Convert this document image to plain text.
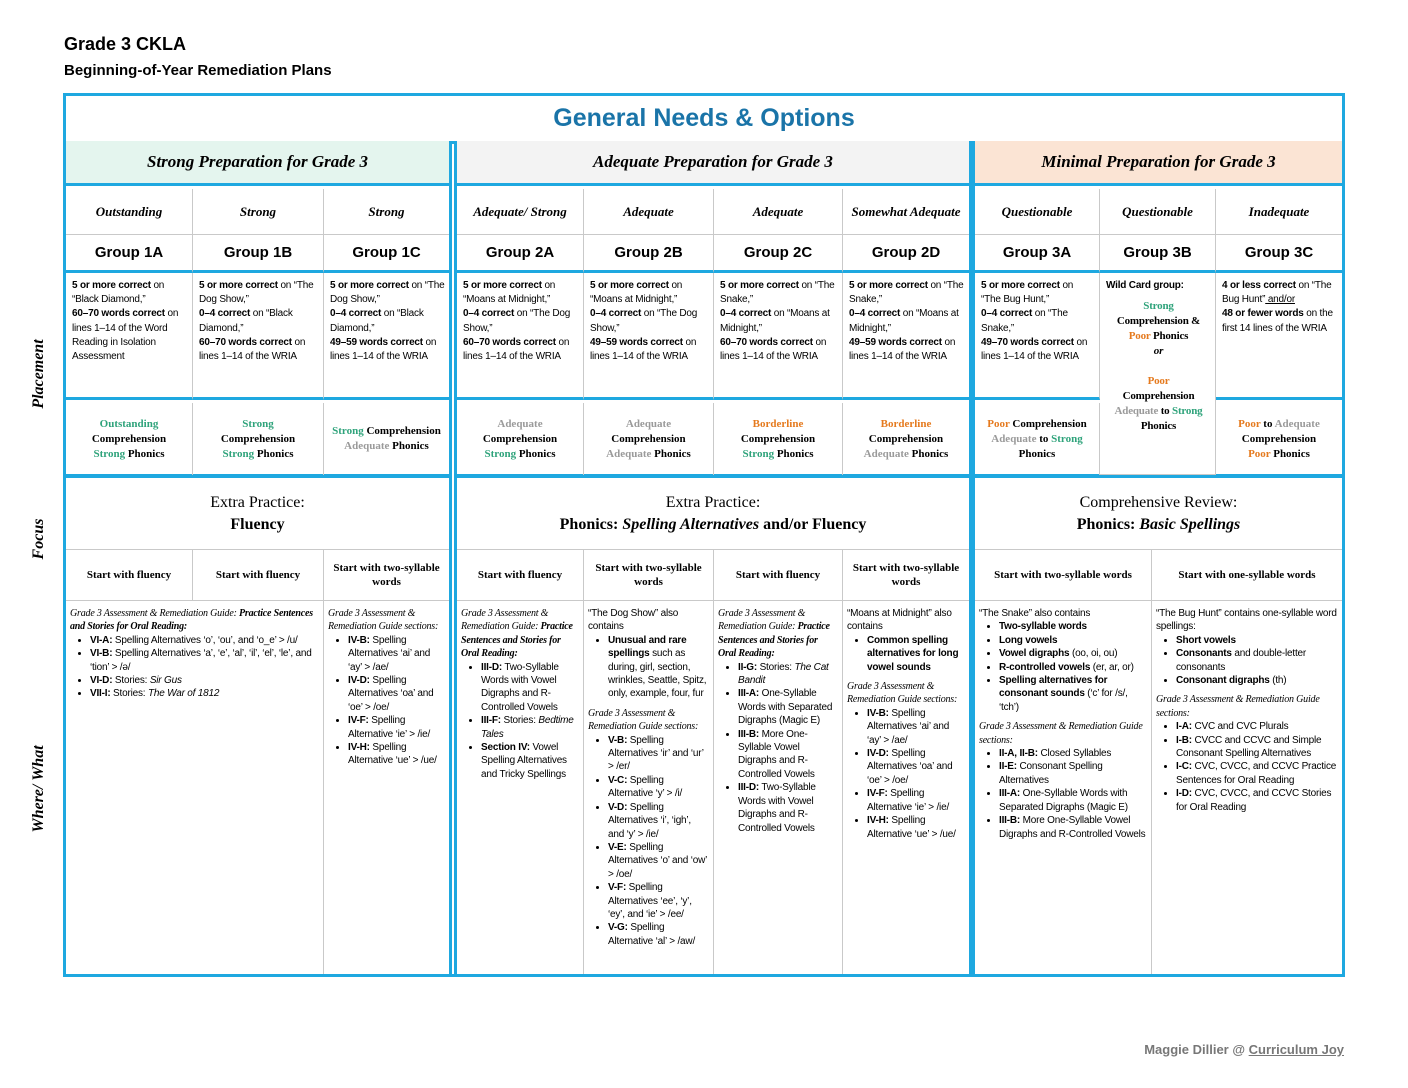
Grade 3 CKLA
Beginning-of-Year Remediation Plans
Placement
Focus
Where/ What
General Needs & Options
Strong Preparation for Grade 3
Extra Practice:
Fluency
Adequate Preparation for Grade 3
Extra Practice:
Phonics: Spelling Alternatives and/or Fluency
Minimal Preparation for Grade 3
Comprehensive Review:
Phonics: Basic Spellings
Outstanding
Group 1A
5 or more correct on “Black Diamond,”
60–70 words correct on lines 1–14 of the Word Reading in Isolation Assessment
Outstanding
Comprehension
Strong Phonics
Strong
Group 1B
5 or more correct on “The Dog Show,”
0–4 correct on “Black Diamond,”
60–70 words correct on lines 1–14 of the WRIA
Strong
Comprehension
Strong Phonics
Strong
Group 1C
5 or more correct on “The Dog Show,”
0–4 correct on “Black Diamond,”
49–59 words correct on lines 1–14 of the WRIA
Strong Comprehension
Adequate Phonics
Adequate/ Strong
Group 2A
5 or more correct on “Moans at Midnight,”
0–4 correct on “The Dog Show,”
60–70 words correct on lines 1–14 of the WRIA
Adequate
Comprehension
Strong Phonics
Adequate
Group 2B
5 or more correct on “Moans at Midnight,”
0–4 correct on “The Dog Show,”
49–59 words correct on lines 1–14 of the WRIA
Adequate
Comprehension
Adequate Phonics
Adequate
Group 2C
5 or more correct on “The Snake,”
0–4 correct on “Moans at Midnight,”
60–70 words correct on lines 1–14 of the WRIA
Borderline
Comprehension
Strong Phonics
Somewhat Adequate
Group 2D
5 or more correct on “The Snake,”
0–4 correct on “Moans at Midnight,”
49–59 words correct on lines 1–14 of the WRIA
Borderline
Comprehension
Adequate Phonics
Questionable
Group 3A
5 or more correct on “The Bug Hunt,”
0–4 correct on “The Snake,”
49–70 words correct on lines 1–14 of the WRIA
Poor Comprehension
Adequate to Strong
Phonics
Questionable
Group 3B
Wild Card group:
Strong
Comprehension &
Poor Phonics
or

Poor
Comprehension
Adequate to Strong
Phonics
Inadequate
Group 3C
4 or less correct on “The Bug Hunt” and/or
48 or fewer words on the first 14 lines of the WRIA
Poor to Adequate
Comprehension
Poor Phonics
Start with fluency	Start with fluency
Start with two-syllable words
Start with fluency
Start with two-syllable words
Start with fluency
Start with two-syllable words
Start with two-syllable words	Start with one-syllable words
Grade 3 Assessment & Remediation Guide: Practice Sentences and Stories for Oral Reading:
• VI-A: Spelling Alternatives ‘o’, ‘ou’, and ‘o_e’ > /u/
• VI-B: Spelling Alternatives ‘a’, ‘e’, ‘al’, ‘il’, ‘el’, ‘le’, and ‘tion’ > /ə/
• VI-D: Stories: Sir Gus
• VII-I: Stories: The War of 1812
Grade 3 Assessment & Remediation Guide sections:
• IV-B: Spelling Alternatives ‘ai’ and ‘ay’ > /ae/
• IV-D: Spelling Alternatives ‘oa’ and ‘oe’ > /oe/
• IV-F: Spelling Alternative ‘ie’ > /ie/
• IV-H: Spelling Alternative ‘ue’ > /ue/
Grade 3 Assessment & Remediation Guide: Practice Sentences and Stories for Oral Reading:
• III-D: Two-Syllable Words with Vowel Digraphs and R-Controlled Vowels
• III-F: Stories: Bedtime Tales
• Section IV: Vowel Spelling Alternatives and Tricky Spellings
“The Dog Show” also contains
• Unusual and rare spellings such as during, girl, section, wrinkles, Seattle, Spitz, only, example, four, fur
Grade 3 Assessment & Remediation Guide sections:
• V-B: Spelling Alternatives ‘ir’ and ‘ur’ > /er/
• V-C: Spelling Alternative ‘y’ > /i/
• V-D: Spelling Alternatives ‘i’, ‘igh’, and ‘y’ > /ie/
• V-E: Spelling Alternatives ‘o’ and ‘ow’ > /oe/
• V-F: Spelling Alternatives ‘ee’, ‘y’, ‘ey’, and ‘ie’ > /ee/
• V-G: Spelling Alternative ‘al’ > /aw/
Grade 3 Assessment & Remediation Guide: Practice Sentences and Stories for Oral Reading:
• II-G: Stories: The Cat Bandit
• III-A: One-Syllable Words with Separated Digraphs (Magic E)
• III-B: More One-Syllable Vowel Digraphs and R-Controlled Vowels
• III-D: Two-Syllable Words with Vowel Digraphs and R-Controlled Vowels
“Moans at Midnight” also contains
• Common spelling alternatives for long vowel sounds
Grade 3 Assessment & Remediation Guide sections:
• IV-B: Spelling Alternatives ‘ai’ and ‘ay’ > /ae/
• IV-D: Spelling Alternatives ‘oa’ and ‘oe’ > /oe/
• IV-F: Spelling Alternative ‘ie’ > /ie/
• IV-H: Spelling Alternative ‘ue’ > /ue/
“The Snake” also contains
• Two-syllable words
• Long vowels
• Vowel digraphs (oo, oi, ou)
• R-controlled vowels (er, ar, or)
• Spelling alternatives for consonant sounds (‘c’ for /s/, ‘tch’)
Grade 3 Assessment & Remediation Guide sections:
• II-A, II-B: Closed Syllables
• II-E: Consonant Spelling Alternatives
• III-A: One-Syllable Words with Separated Digraphs (Magic E)
• III-B: More One-Syllable Vowel Digraphs and R-Controlled Vowels
“The Bug Hunt” contains one-syllable word spellings:
• Short vowels
• Consonants and double-letter consonants
• Consonant digraphs (th)
Grade 3 Assessment & Remediation Guide sections:
• I-A: CVC and CVC Plurals
• I-B: CVCC and CCVC and Simple Consonant Spelling Alternatives
• I-C: CVC, CVCC, and CCVC Practice Sentences for Oral Reading
• I-D: CVC, CVCC, and CCVC Stories for Oral Reading
Maggie Dillier @ Curriculum Joy
